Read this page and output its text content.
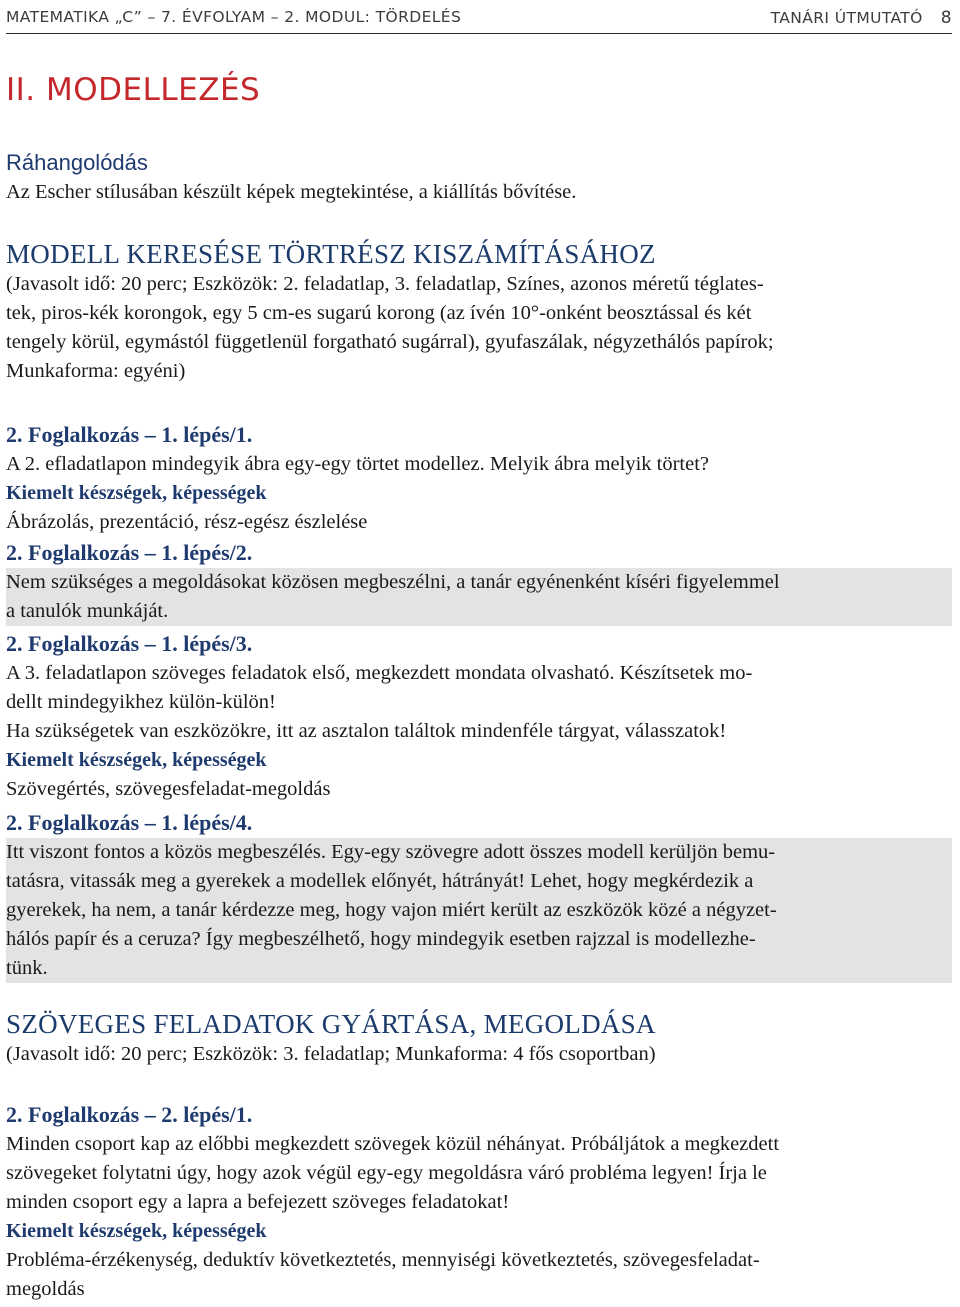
MATEMATIKA „C” – 7. ÉVFOLYAM – 2. MODUL: TÖRDELÉS	TANÁRI ÚTMUTATÓ 8
II. MODELLEZÉS

Ráhangolódás

Az Escher stílusában készült képek megtekintése, a kiállítás bővítése.

MODELL KERESÉSE TÖRTRÉSZ KISZÁMÍTÁSÁHOZ

(Javasolt idő: 20 perc; Eszközök: 2. feladatlap, 3. feladatlap, Színes, azonos méretű téglates-

tek, piros-kék korongok, egy 5 cm-es sugarú korong (az ívén 10°-onként beosztással és két

tengely körül, egymástól függetlenül forgatható sugárral), gyufaszálak, négyzethálós papírok;

Munkaforma: egyéni)

2. Foglalkozás – 1. lépés/1.

A 2. efladatlapon mindegyik ábra egy-egy törtet modellez. Melyik ábra melyik törtet?

Kiemelt készségek, képességek

Ábrázolás, prezentáció, rész-egész észlelése

2. Foglalkozás – 1. lépés/2.

Nem szükséges a megoldásokat közösen megbeszélni, a tanár egyénenként kíséri figyelemmel

a tanulók munkáját.

2. Foglalkozás – 1. lépés/3.

A 3. feladatlapon szöveges feladatok első, megkezdett mondata olvasható. Készítsetek mo-

dellt mindegyikhez külön-külön!

Ha szükségetek van eszközökre, itt az asztalon találtok mindenféle tárgyat, válasszatok!

Kiemelt készségek, képességek

Szövegértés, szövegesfeladat-megoldás

2. Foglalkozás – 1. lépés/4.

Itt viszont fontos a közös megbeszélés. Egy-egy szövegre adott összes modell kerüljön bemu-

tatásra, vitassák meg a gyerekek a modellek előnyét, hátrányát! Lehet, hogy megkérdezik a

gyerekek, ha nem, a tanár kérdezze meg, hogy vajon miért került az eszközök közé a négyzet-

hálós papír és a ceruza? Így megbeszélhető, hogy mindegyik esetben rajzzal is modellezhe-

tünk.

SZÖVEGES FELADATOK GYÁRTÁSA, MEGOLDÁSA

(Javasolt idő: 20 perc; Eszközök: 3. feladatlap; Munkaforma: 4 fős csoportban)

2. Foglalkozás – 2. lépés/1.

Minden csoport kap az előbbi megkezdett szövegek közül néhányat. Próbáljátok a megkezdett

szövegeket folytatni úgy, hogy azok végül egy-egy megoldásra váró probléma legyen! Írja le

minden csoport egy a lapra a befejezett szöveges feladatokat!

Kiemelt készségek, képességek

Probléma-érzékenység, deduktív következtetés, mennyiségi következtetés, szövegesfeladat-

megoldás
